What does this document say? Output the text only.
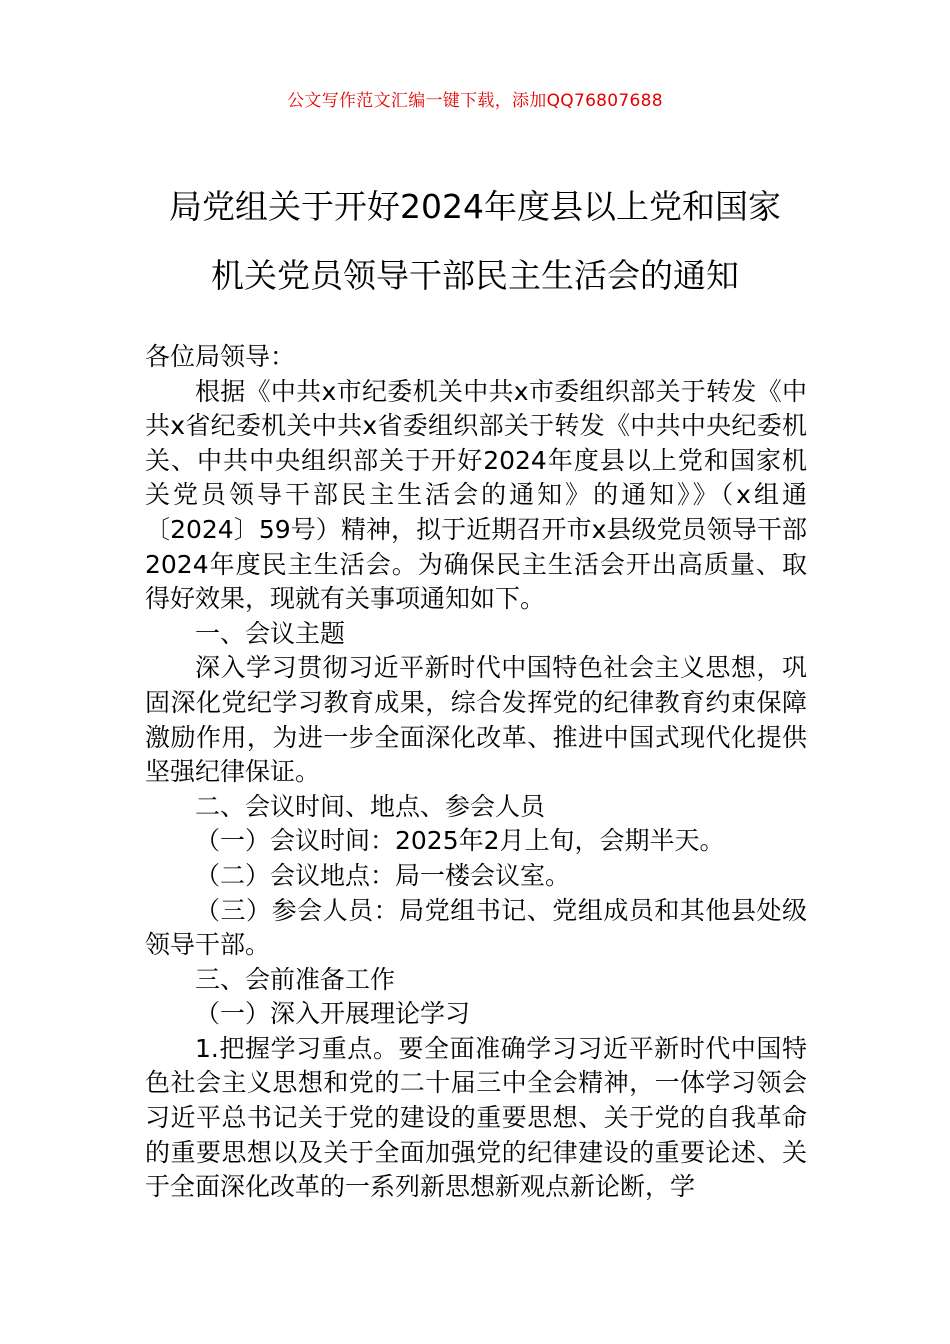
公文写作范文汇编一键下载，添加QQ76807688
局党组关于开好2024年度县以上党和国家
机关党员领导干部民主生活会的通知

各位局领导：

根据《中共x市纪委机关中共x市委组织部关于转发《中共x省纪委机关中共x省委组织部关于转发《中共中央纪委机关、中共中央组织部关于开好2024年度县以上党和国家机关党员领导干部民主生活会的通知》的通知》》（x组通〔2024〕59号）精神，拟于近期召开市x县级党员领导干部2024年度民主生活会。为确保民主生活会开出高质量、取得好效果，现就有关事项通知如下。

一、会议主题

深入学习贯彻习近平新时代中国特色社会主义思想，巩固深化党纪学习教育成果，综合发挥党的纪律教育约束保障激励作用，为进一步全面深化改革、推进中国式现代化提供坚强纪律保证。

二、会议时间、地点、参会人员

（一）会议时间：2025年2月上旬，会期半天。

（二）会议地点：局一楼会议室。

（三）参会人员：局党组书记、党组成员和其他县处级领导干部。

三、会前准备工作

（一）深入开展理论学习

1.把握学习重点。要全面准确学习习近平新时代中国特色社会主义思想和党的二十届三中全会精神，一体学习领会习近平总书记关于党的建设的重要思想、关于党的自我革命的重要思想以及关于全面加强党的纪律建设的重要论述、关于全面深化改革的一系列新思想新观点新论断，学
